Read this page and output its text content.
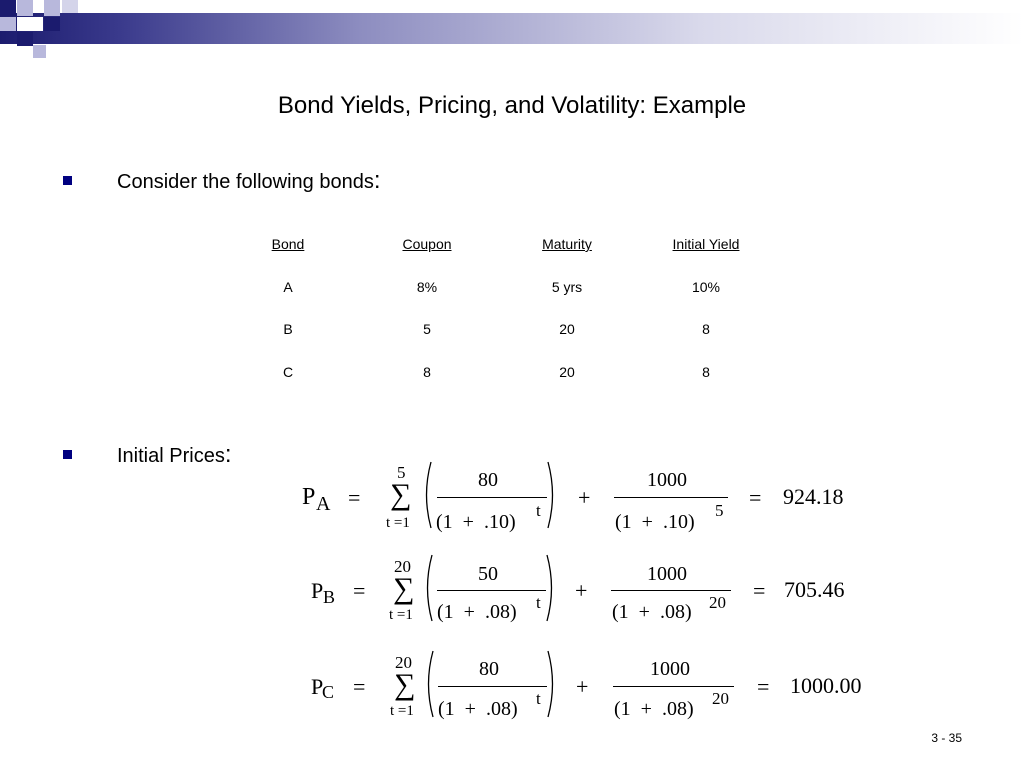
Bond Yields, Pricing, and Volatility: Example
Consider the following bonds:
Bond	Coupon	Maturity	Initial Yield
A	8%	5 yrs	10%
B	5	20	8
C	8	20	8
Initial Prices:
P A =
5
∑
t =1
80
(1  +  .10)
t
+
1000
(1  +  .10)
5
= 924.18
P B =
20
∑
t =1
50
(1  +  .08) t +
1000
(1  +  .08) 20 = 705.46
P
C =
20
∑
t =1
80
(1  +  .08) t +
1000
(1  +  .08) 20 = 1000.00
3 - 35
